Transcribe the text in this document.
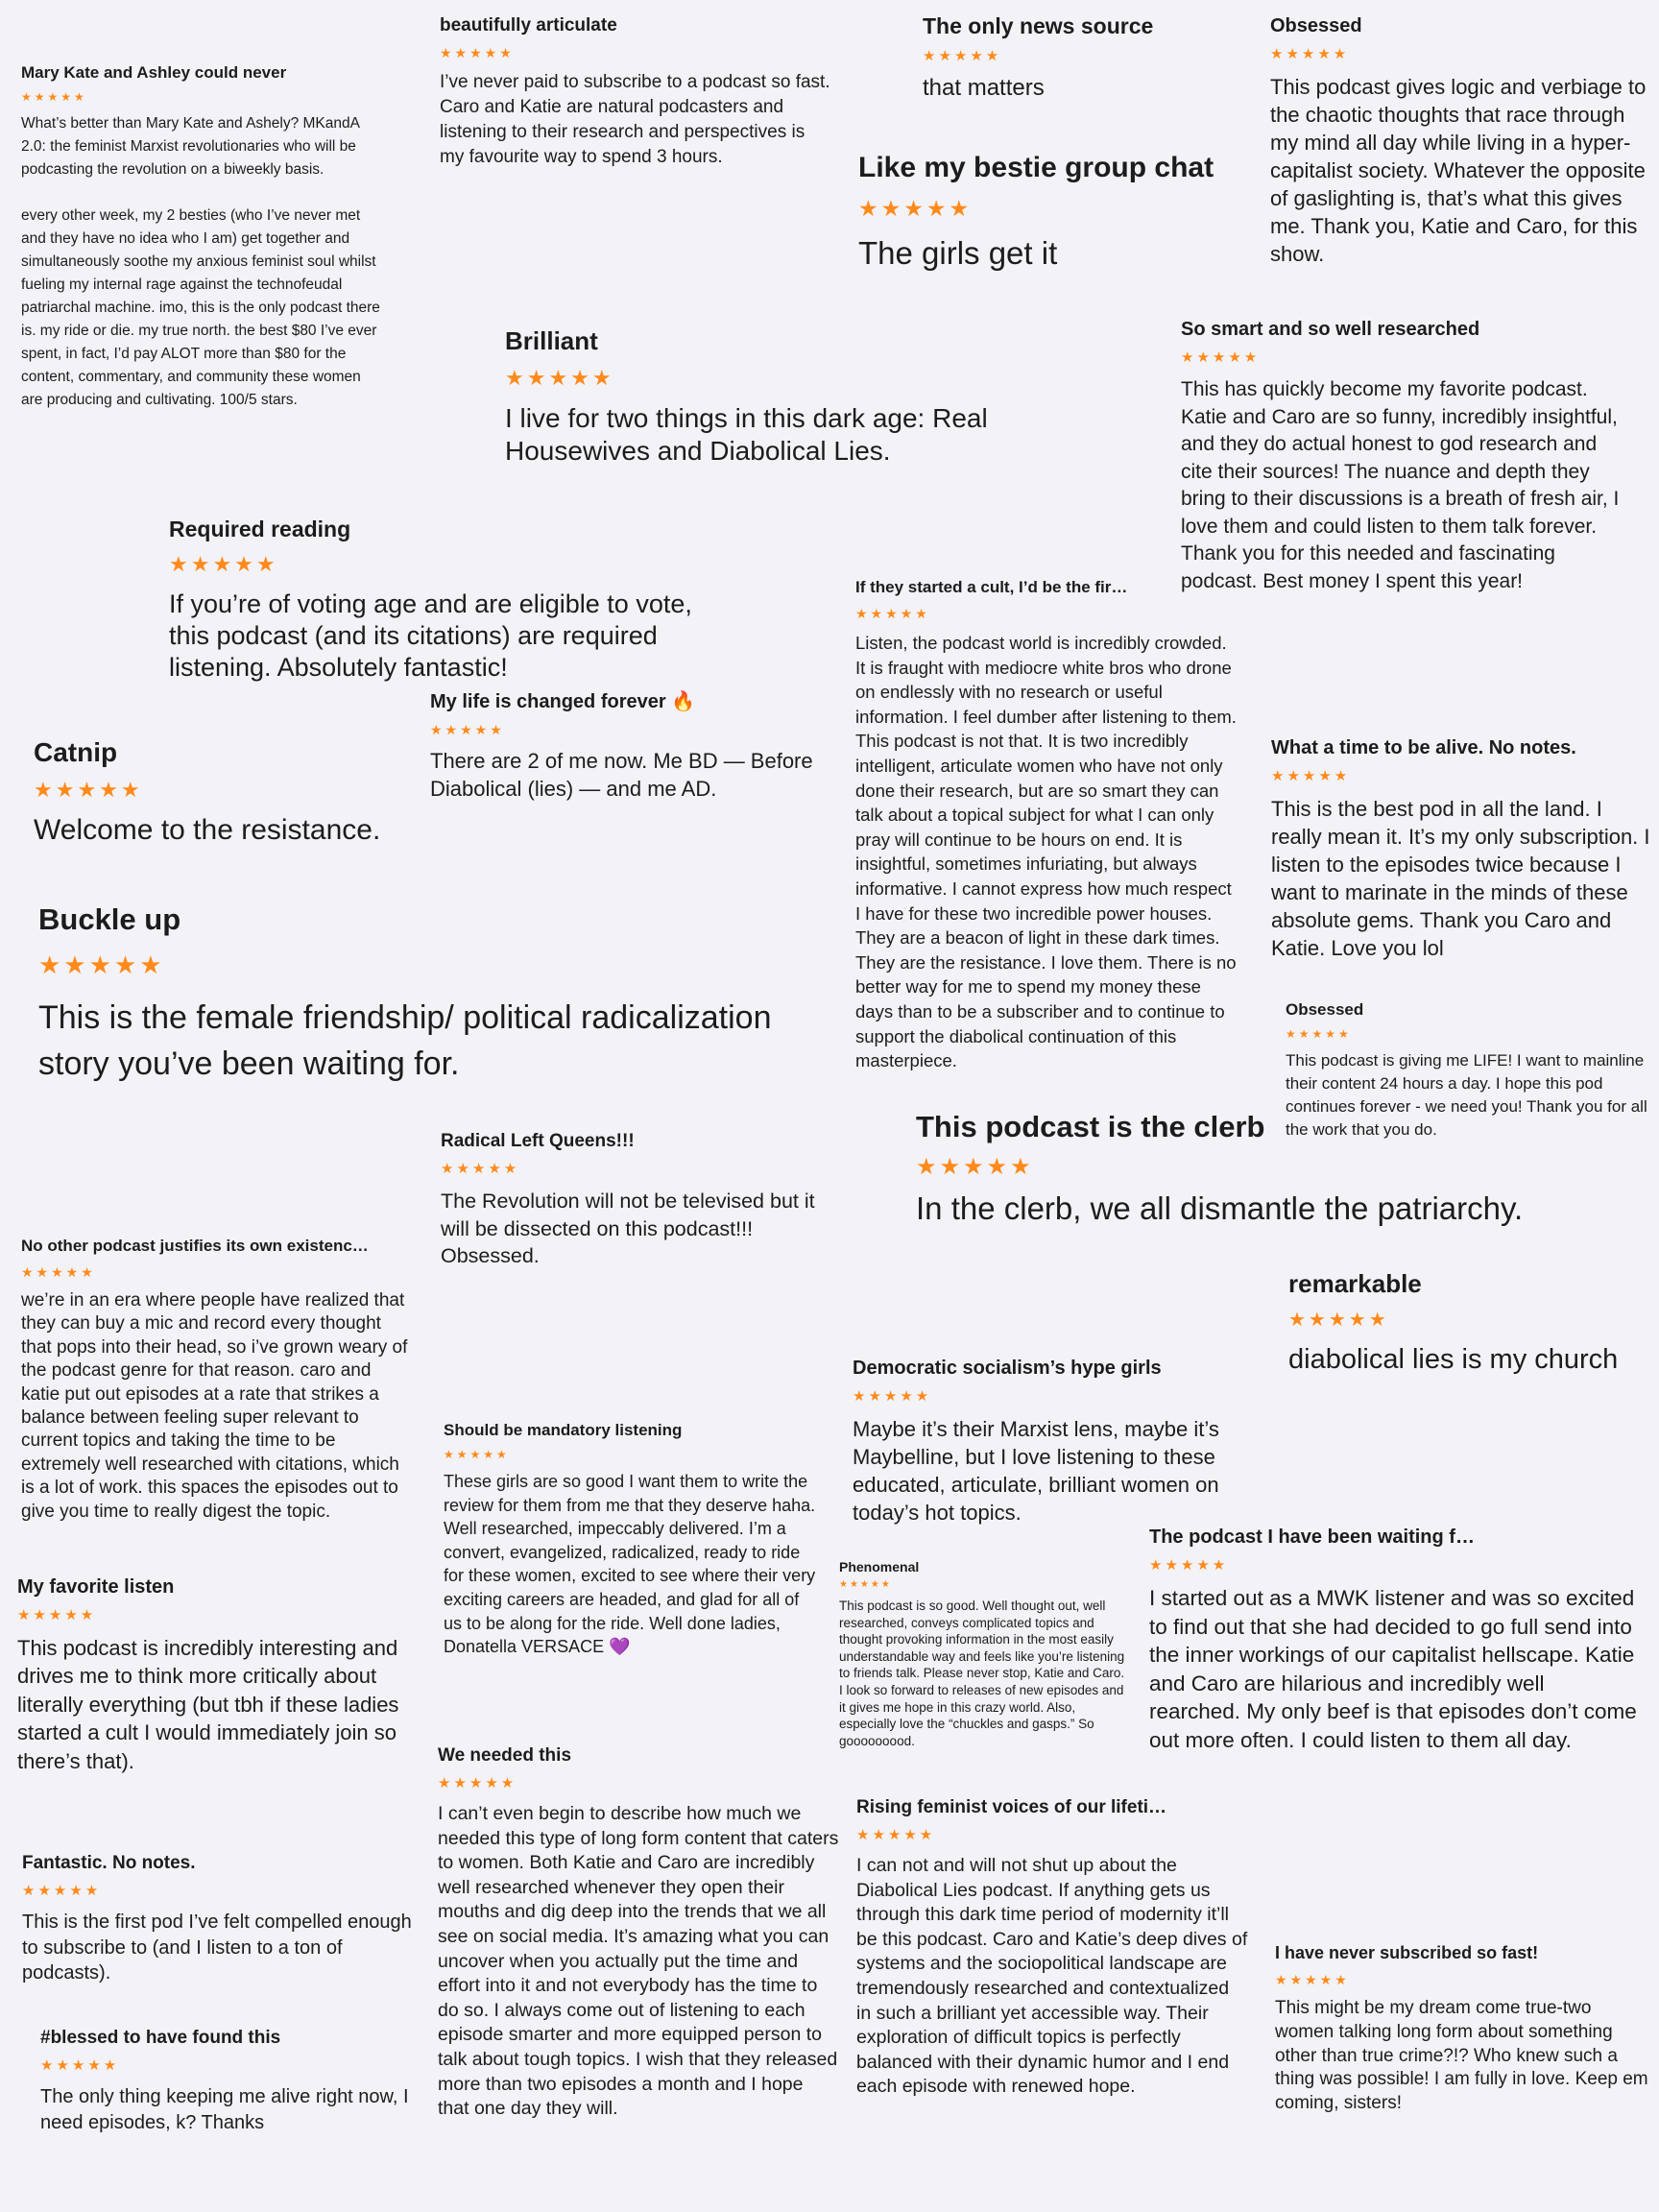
Mary Kate and Ashley could never

★★★★★

What’s better than Mary Kate and Ashely? MKandA 2.0: the feminist Marxist revolutionaries who will be podcasting the revolution on a biweekly basis.

every other week, my 2 besties (who I’ve never met and they have no idea who I am) get together and simultaneously soothe my anxious feminist soul whilst fueling my internal rage against the technofeudal patriarchal machine. imo, this is the only podcast there is. my ride or die. my true north. the best $80 I’ve ever spent, in fact, I’d pay ALOT more than $80 for the content, commentary, and community these women are producing and cultivating. 100/5 stars.

beautifully articulate

★★★★★

I’ve never paid to subscribe to a podcast so fast. Caro and Katie are natural podcasters and listening to their research and perspectives is my favourite way to spend 3 hours.

The only news source

★★★★★

that matters

Obsessed

★★★★★

This podcast gives logic and verbiage to the chaotic thoughts that race through my mind all day while living in a hyper-capitalist society. Whatever the opposite of gaslighting is, that’s what this gives me. Thank you, Katie and Caro, for this show.

Like my bestie group chat

★★★★★

The girls get it

Brilliant

★★★★★

I live for two things in this dark age: Real Housewives and Diabolical Lies.

So smart and so well researched

★★★★★

This has quickly become my favorite podcast. Katie and Caro are so funny, incredibly insightful, and they do actual honest to god research and cite their sources! The nuance and depth they bring to their discussions is a breath of fresh air, I love them and could listen to them talk forever. Thank you for this needed and fascinating podcast. Best money I spent this year!

Required reading

★★★★★

If you’re of voting age and are eligible to vote, this podcast (and its citations) are required listening. Absolutely fantastic!

If they started a cult, I’d be the fir…

★★★★★

Listen, the podcast world is incredibly crowded. It is fraught with mediocre white bros who drone on endlessly with no research or useful information. I feel dumber after listening to them. This podcast is not that. It is two incredibly intelligent, articulate women who have not only done their research, but are so smart they can talk about a topical subject for what I can only pray will continue to be hours on end. It is insightful, sometimes infuriating, but always informative. I cannot express how much respect I have for these two incredible power houses. They are a beacon of light in these dark times. They are the resistance. I love them. There is no better way for me to spend my money these days than to be a subscriber and to continue to support the diabolical continuation of this masterpiece.

My life is changed forever 🔥

★★★★★

There are 2 of me now. Me BD — Before Diabolical (lies) — and me AD.

Catnip

★★★★★

Welcome to the resistance.

What a time to be alive. No notes.

★★★★★

This is the best pod in all the land. I really mean it. It’s my only subscription. I listen to the episodes twice because I want to marinate in the minds of these absolute gems. Thank you Caro and Katie. Love you lol

Buckle up

★★★★★

This is the female friendship/ political radicalization story you’ve been waiting for.

Obsessed

★★★★★

This podcast is giving me LIFE! I want to mainline their content 24 hours a day. I hope this pod continues forever - we need you! Thank you for all the work that you do.

This podcast is the clerb

★★★★★

In the clerb, we all dismantle the patriarchy.

Radical Left Queens!!!

★★★★★

The Revolution will not be televised but it will be dissected on this podcast!!! Obsessed.

No other podcast justifies its own existenc…

★★★★★

we’re in an era where people have realized that they can buy a mic and record every thought that pops into their head, so i’ve grown weary of the podcast genre for that reason. caro and katie put out episodes at a rate that strikes a balance between feeling super relevant to current topics and taking the time to be extremely well researched with citations, which is a lot of work. this spaces the episodes out to give you time to really digest the topic.

remarkable

★★★★★

diabolical lies is my church

Democratic socialism’s hype girls

★★★★★

Maybe it’s their Marxist lens, maybe it’s Maybelline, but I love listening to these educated, articulate, brilliant women on today’s hot topics.

Should be mandatory listening

★★★★★

These girls are so good I want them to write the review for them from me that they deserve haha. Well researched, impeccably delivered. I’m a convert, evangelized, radicalized, ready to ride for these women, excited to see where their very exciting careers are headed, and glad for all of us to be along for the ride. Well done ladies, Donatella VERSACE 💜

The podcast I have been waiting f…

★★★★★

I started out as a MWK listener and was so excited to find out that she had decided to go full send into the inner workings of our capitalist hellscape. Katie and Caro are hilarious and incredibly well rearched. My only beef is that episodes don’t come out more often. I could listen to them all day.

My favorite listen

★★★★★

This podcast is incredibly interesting and drives me to think more critically about literally everything (but tbh if these ladies started a cult I would immediately join so there’s that).

Phenomenal

★★★★★

This podcast is so good. Well thought out, well researched, conveys complicated topics and thought provoking information in the most easily understandable way and feels like you’re listening to friends talk. Please never stop, Katie and Caro. I look so forward to releases of new episodes and it gives me hope in this crazy world. Also, especially love the “chuckles and gasps.” So gooooooood.

We needed this

★★★★★

I can’t even begin to describe how much we needed this type of long form content that caters to women. Both Katie and Caro are incredibly well researched whenever they open their mouths and dig deep into the trends that we all see on social media. It’s amazing what you can uncover when you actually put the time and effort into it and not everybody has the time to do so. I always come out of listening to each episode smarter and more equipped person to talk about tough topics. I wish that they released more than two episodes a month and I hope that one day they will.

Rising feminist voices of our lifeti…

★★★★★

I can not and will not shut up about the Diabolical Lies podcast. If anything gets us through this dark time period of modernity it’ll be this podcast. Caro and Katie’s deep dives of systems and the sociopolitical landscape are tremendously researched and contextualized in such a brilliant yet accessible way. Their exploration of difficult topics is perfectly balanced with their dynamic humor and I end each episode with renewed hope.

Fantastic. No notes.

★★★★★

This is the first pod I’ve felt compelled enough to subscribe to (and I listen to a ton of podcasts).

I have never subscribed so fast!

★★★★★

This might be my dream come true-two women talking long form about something other than true crime?!? Who knew such a thing was possible! I am fully in love. Keep em coming, sisters!

#blessed to have found this

★★★★★

The only thing keeping me alive right now, I need episodes, k? Thanks
